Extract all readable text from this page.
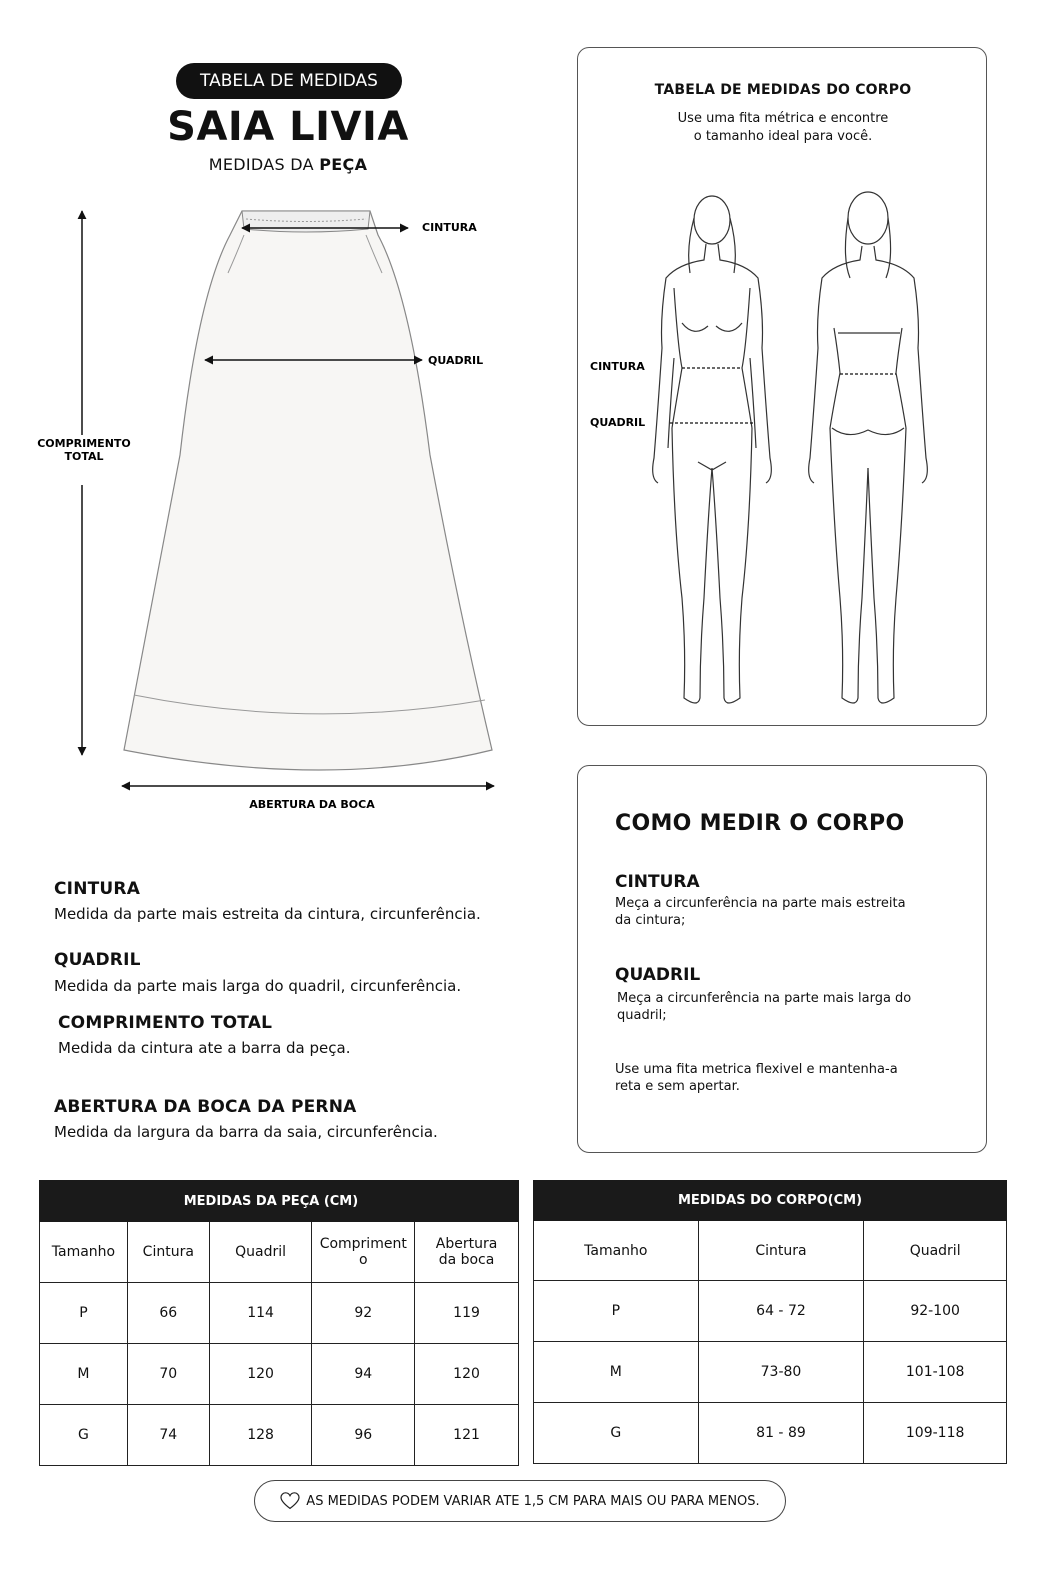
TABELA DE MEDIDAS
SAIA LIVIA
MEDIDAS DA PEÇA
CINTURA
QUADRIL
COMPRIMENTO
TOTAL
ABERTURA DA BOCA
TABELA DE MEDIDAS DO CORPO
Use uma fita métrica e encontre
o tamanho ideal para você.
CINTURA
QUADRIL
COMO MEDIR O CORPO
CINTURA
Meça a circunferência na parte mais estreita da cintura;
QUADRIL
Meça a circunferência na parte mais larga do quadril;
Use uma fita metrica flexivel e mantenha-a reta e sem apertar.
CINTURA
Medida da parte mais estreita da cintura, circunferência.
QUADRIL
Medida da parte mais larga do quadril, circunferência.
COMPRIMENTO TOTAL
Medida da cintura ate a barra da peça.
ABERTURA DA BOCA DA PERNA
Medida da largura da barra da saia, circunferência.
	MEDIDAS DA PEÇA (CM)			
Tamanho	Cintura	Quadril	Comprimento	Abertura da boca
P	66	114	92	119
M	70	120	94	120
G	74	128	96	121
MEDIDAS DO CORPO(CM)		
Tamanho	Cintura	Quadril
P	64 - 72	92-100
M	73-80	101-108
G	81 - 89	109-118
AS MEDIDAS PODEM VARIAR ATE 1,5 CM PARA MAIS OU PARA MENOS.
